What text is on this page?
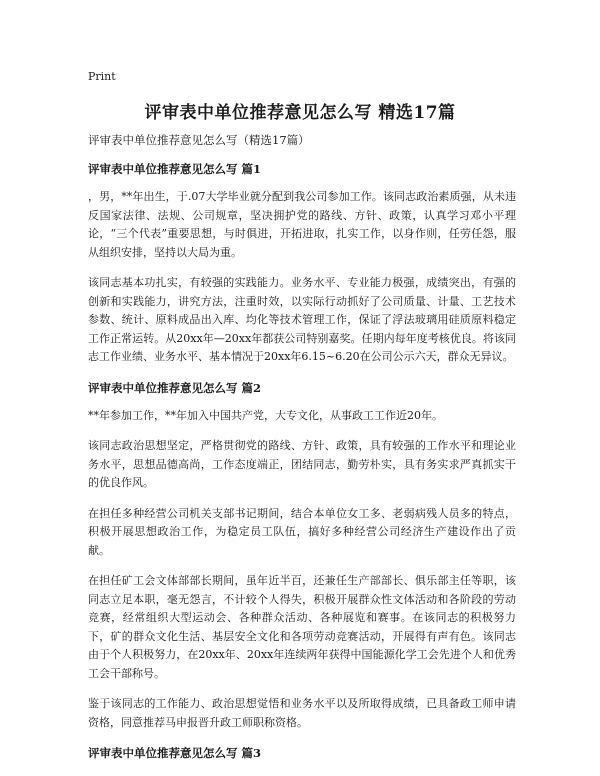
Print
评审表中单位推荐意见怎么写 精选17篇
评审表中单位推荐意见怎么写（精选17篇）
评审表中单位推荐意见怎么写 篇1

，男，**年出生，于.07大学毕业就分配到我公司参加工作。该同志政治素质强，从未违反国家法律、法规、公司规章，坚决拥护党的路线、方针、政策，认真学习邓小平理论，“三个代表”重要思想，与时俱进，开拓进取，扎实工作，以身作则，任劳任怨，服从组织安排，坚持以大局为重。

该同志基本功扎实，有较强的实践能力。业务水平、专业能力极强，成绩突出，有强的创新和实践能力，讲究方法，注重时效，以实际行动抓好了公司质量、计量、工艺技术参数、统计、原料成品出入库、均化等技术管理工作，保证了浮法玻璃用硅质原料稳定工作正常运转。从20xx年—20xx年都获公司特别嘉奖。任期内每年度考核优良。将该同志工作业绩、业务水平、基本情况于20xx年6.15~6.20在公司公示六天，群众无异议。

评审表中单位推荐意见怎么写 篇2

**年参加工作，**年加入中国共产党，大专文化，从事政工工作近20年。

该同志政治思想坚定，严格贯彻党的路线、方针、政策，具有较强的工作水平和理论业务水平，思想品德高尚，工作态度端正，团结同志，勤劳朴实，具有务实求严真抓实干的优良作风。

在担任多种经营公司机关支部书记期间，结合本单位女工多、老弱病残人员多的特点，积极开展思想政治工作，为稳定员工队伍，搞好多种经营公司经济生产建设作出了贡献。

在担任矿工会文体部部长期间，虽年近半百，还兼任生产部部长、俱乐部主任等职，该同志立足本职，毫无怨言，不计较个人得失，积极开展群众性文体活动和各阶段的劳动竞赛，经常组织大型运动会、各种群众活动、各种展览和赛事。在该同志的积极努力下，矿的群众文化生活、基层安全文化和各项劳动竞赛活动，开展得有声有色。该同志由于个人积极努力，在20xx年、20xx年连续两年获得中国能源化学工会先进个人和优秀工会干部称号。

鉴于该同志的工作能力、政治思想觉悟和业务水平以及所取得成绩，已具备政工师申请资格，同意推荐马申报晋升政工师职称资格。

评审表中单位推荐意见怎么写 篇3
